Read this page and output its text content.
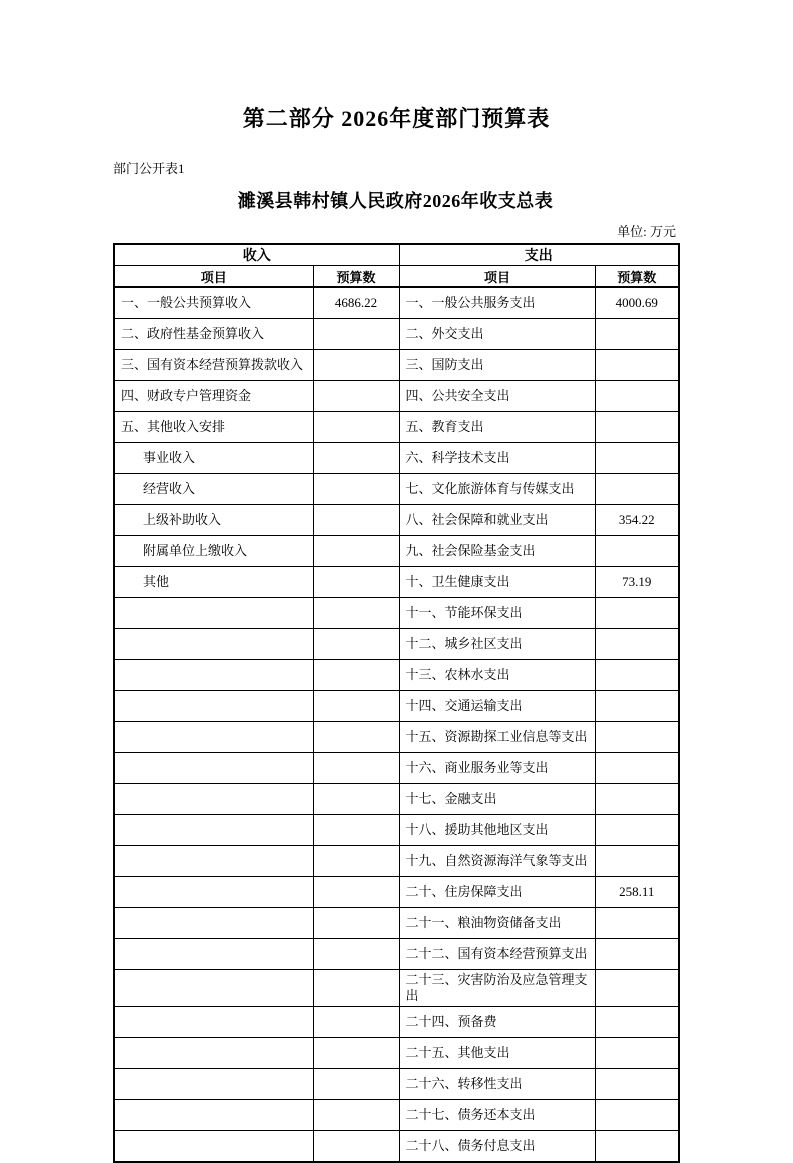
第二部分 2026年度部门预算表
部门公开表1
濉溪县韩村镇人民政府2026年收支总表
单位: 万元
收入		支出	
项目	预算数	项目	预算数
一、一般公共预算收入	4686.22	一、一般公共服务支出	4000.69
二、政府性基金预算收入		二、外交支出	
三、国有资本经营预算拨款收入		三、国防支出	
四、财政专户管理资金		四、公共安全支出	
五、其他收入安排		五、教育支出	
事业收入		六、科学技术支出	
经营收入		七、文化旅游体育与传媒支出	
上级补助收入		八、社会保障和就业支出	354.22
附属单位上缴收入		九、社会保险基金支出	
其他		十、卫生健康支出	73.19
		十一、节能环保支出	
		十二、城乡社区支出	
		十三、农林水支出	
		十四、交通运输支出	
		十五、资源勘探工业信息等支出	
		十六、商业服务业等支出	
		十七、金融支出	
		十八、援助其他地区支出	
		十九、自然资源海洋气象等支出	
		二十、住房保障支出	258.11
		二十一、粮油物资储备支出	
		二十二、国有资本经营预算支出	
		二十三、灾害防治及应急管理支出	
		二十四、预备费	
		二十五、其他支出	
		二十六、转移性支出	
		二十七、债务还本支出	
		二十八、债务付息支出	
